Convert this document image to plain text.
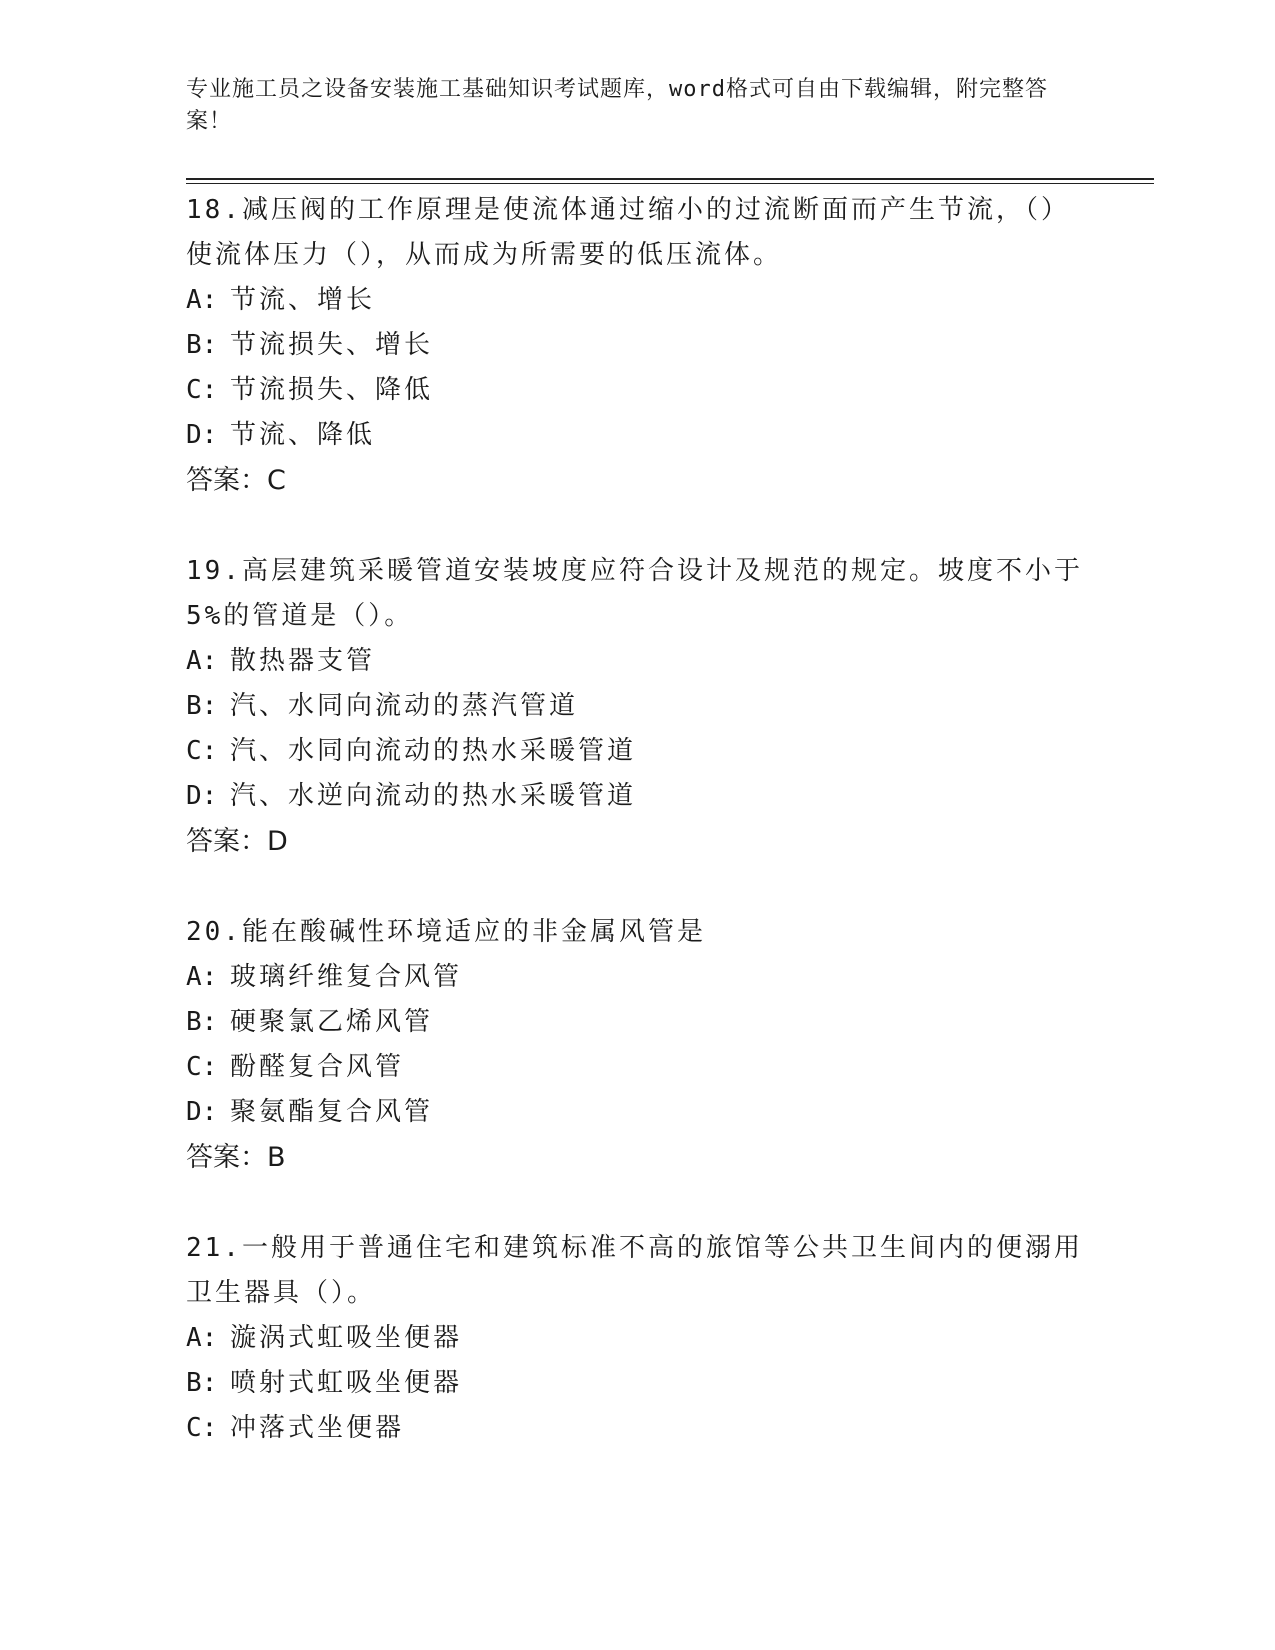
专业施工员之设备安装施工基础知识考试题库，word格式可自由下载编辑，附完整答案！

18.减压阀的工作原理是使流体通过缩小的过流断面而产生节流，（）使流体压力（），从而成为所需要的低压流体。

A: 节流、增长

B: 节流损失、增长

C: 节流损失、降低

D: 节流、降低

答案：C

19.高层建筑采暖管道安装坡度应符合设计及规范的规定。坡度不小于5%的管道是（）。

A: 散热器支管

B: 汽、水同向流动的蒸汽管道

C: 汽、水同向流动的热水采暖管道

D: 汽、水逆向流动的热水采暖管道

答案：D

20.能在酸碱性环境适应的非金属风管是

A: 玻璃纤维复合风管

B: 硬聚氯乙烯风管

C: 酚醛复合风管

D: 聚氨酯复合风管

答案：B

21.一般用于普通住宅和建筑标准不高的旅馆等公共卫生间内的便溺用卫生器具（）。

A: 漩涡式虹吸坐便器

B: 喷射式虹吸坐便器

C: 冲落式坐便器
